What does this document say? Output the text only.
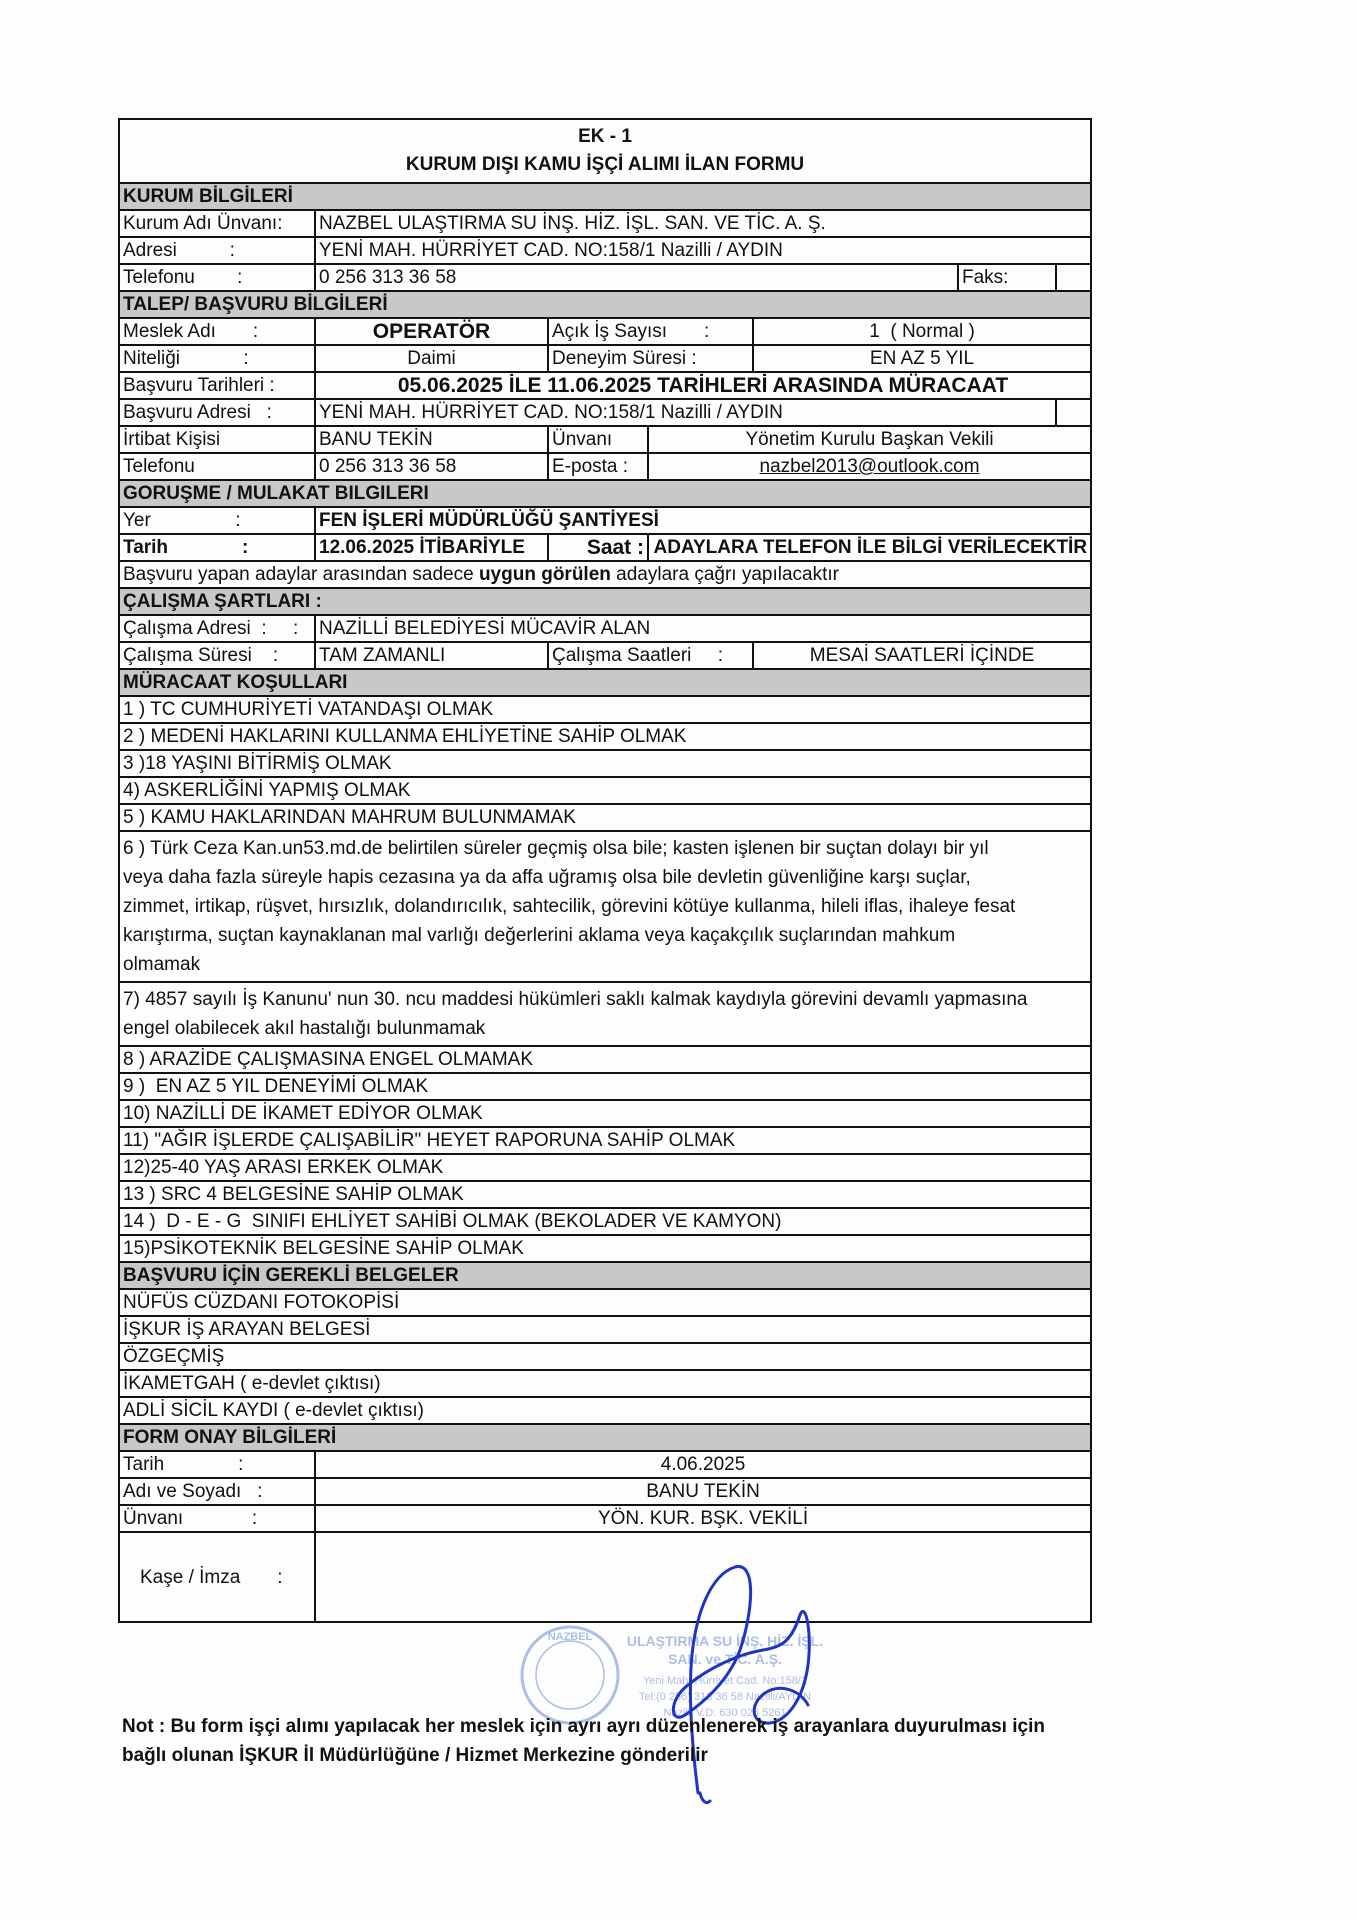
EK - 1
KURUM DIŞI KAMU İŞÇİ ALIMI İLAN FORMU						
KURUM BİLGİLERİ						
Kurum Adı Ünvanı:	NAZBEL ULAŞTIRMA SU İNŞ. HİZ. İŞL. SAN. VE TİC. A. Ş.					
Adresi          :	YENİ MAH. HÜRRİYET CAD. NO:158/1 Nazilli / AYDIN					
Telefonu        :	0 256 313 36 58				Faks:	
TALEP/ BAŞVURU BİLGİLERİ						
Meslek Adı       :	OPERATÖR	Açık İş Sayısı       :		1  ( Normal )		
Niteliği            :	Daimi	Deneyim Süresi :		EN AZ 5 YIL		
Başvuru Tarihleri :	05.06.2025 İLE 11.06.2025 TARİHLERİ ARASINDA MÜRACAAT					
Başvuru Adresi   :	YENİ MAH. HÜRRİYET CAD. NO:158/1 Nazilli / AYDIN					
İrtibat Kişisi	BANU TEKİN	Ünvanı	Yönetim Kurulu Başkan Vekili			
Telefonu	0 256 313 36 58	E-posta :	nazbel2013@outlook.com			
GORUŞME / MULAKAT BILGILERI						
Yer                :	FEN İŞLERİ MÜDÜRLÜĞÜ ŞANTİYESİ					
Tarih              :	12.06.2025 İTİBARİYLE	Saat :	ADAYLARA TELEFON İLE BİLGİ VERİLECEKTİR			
Başvuru yapan adaylar arasından sadece uygun görülen adaylara çağrı yapılacaktır						
ÇALIŞMA ŞARTLARI :						
Çalışma Adresi  :     :	NAZİLLİ BELEDİYESİ MÜCAVİR ALAN					
Çalışma Süresi    :	TAM ZAMANLI	Çalışma Saatleri     :		MESAİ SAATLERİ İÇİNDE		
MÜRACAAT KOŞULLARI						
1 ) TC CUMHURİYETİ VATANDAŞI OLMAK						
2 ) MEDENİ HAKLARINI KULLANMA EHLİYETİNE SAHİP OLMAK						
3 )18 YAŞINI BİTİRMİŞ OLMAK						
4) ASKERLİĞİNİ YAPMIŞ OLMAK						
5 ) KAMU HAKLARINDAN MAHRUM BULUNMAMAK						
6 ) Türk Ceza Kan.un53.md.de belirtilen süreler geçmiş olsa bile; kasten işlenen bir suçtan dolayı bir yıl veya daha fazla süreyle hapis cezasına ya da affa uğramış olsa bile devletin güvenliğine karşı suçlar, zimmet, irtikap, rüşvet, hırsızlık, dolandırıcılık, sahtecilik, görevini kötüye kullanma, hileli iflas, ihaleye fesat karıştırma, suçtan kaynaklanan mal varlığı değerlerini aklama veya kaçakçılık suçlarından mahkum olmamak						
7) 4857 sayılı İş Kanunu' nun 30. ncu maddesi hükümleri saklı kalmak kaydıyla görevini devamlı yapmasına engel olabilecek akıl hastalığı bulunmamak						
8 ) ARAZİDE ÇALIŞMASINA ENGEL OLMAMAK						
9 )  EN AZ 5 YIL DENEYİMİ OLMAK						
10) NAZİLLİ DE İKAMET EDİYOR OLMAK						
11) "AĞIR İŞLERDE ÇALIŞABİLİR" HEYET RAPORUNA SAHİP OLMAK						
12)25-40 YAŞ ARASI ERKEK OLMAK						
13 ) SRC 4 BELGESİNE SAHİP OLMAK						
14 )  D - E - G  SINIFI EHLİYET SAHİBİ OLMAK (BEKOLADER VE KAMYON)						
15)PSİKOTEKNİK BELGESİNE SAHİP OLMAK						
BAŞVURU İÇİN GEREKLİ BELGELER						
NÜFÜS CÜZDANI FOTOKOPİSİ						
İŞKUR İŞ ARAYAN BELGESİ						
ÖZGEÇMİŞ						
İKAMETGAH ( e-devlet çıktısı)						
ADLİ SİCİL KAYDI ( e-devlet çıktısı)						
FORM ONAY BİLGİLERİ						
Tarih              :	4.06.2025					
Adı ve Soyadı   :	BANU TEKİN					
Ünvanı             :	YÖN. KUR. BŞK. VEKİLİ					
Kaşe / İmza       :						
NAZBEL ULAŞTIRMA SU İNŞ. HİZ. İŞL.
SAN. ve TİC. A.Ş.
Yeni Mah. Hürriyet Cad. No:158/1
Tel:(0 256) 313 36 58 Nazilli/AYDIN
Nazilli V.D. 630 026 5261
Not : Bu form işçi alımı yapılacak her meslek için ayrı ayrı düzenlenerek iş arayanlara duyurulması için bağlı olunan İŞKUR İl Müdürlüğüne / Hizmet Merkezine gönderilir
